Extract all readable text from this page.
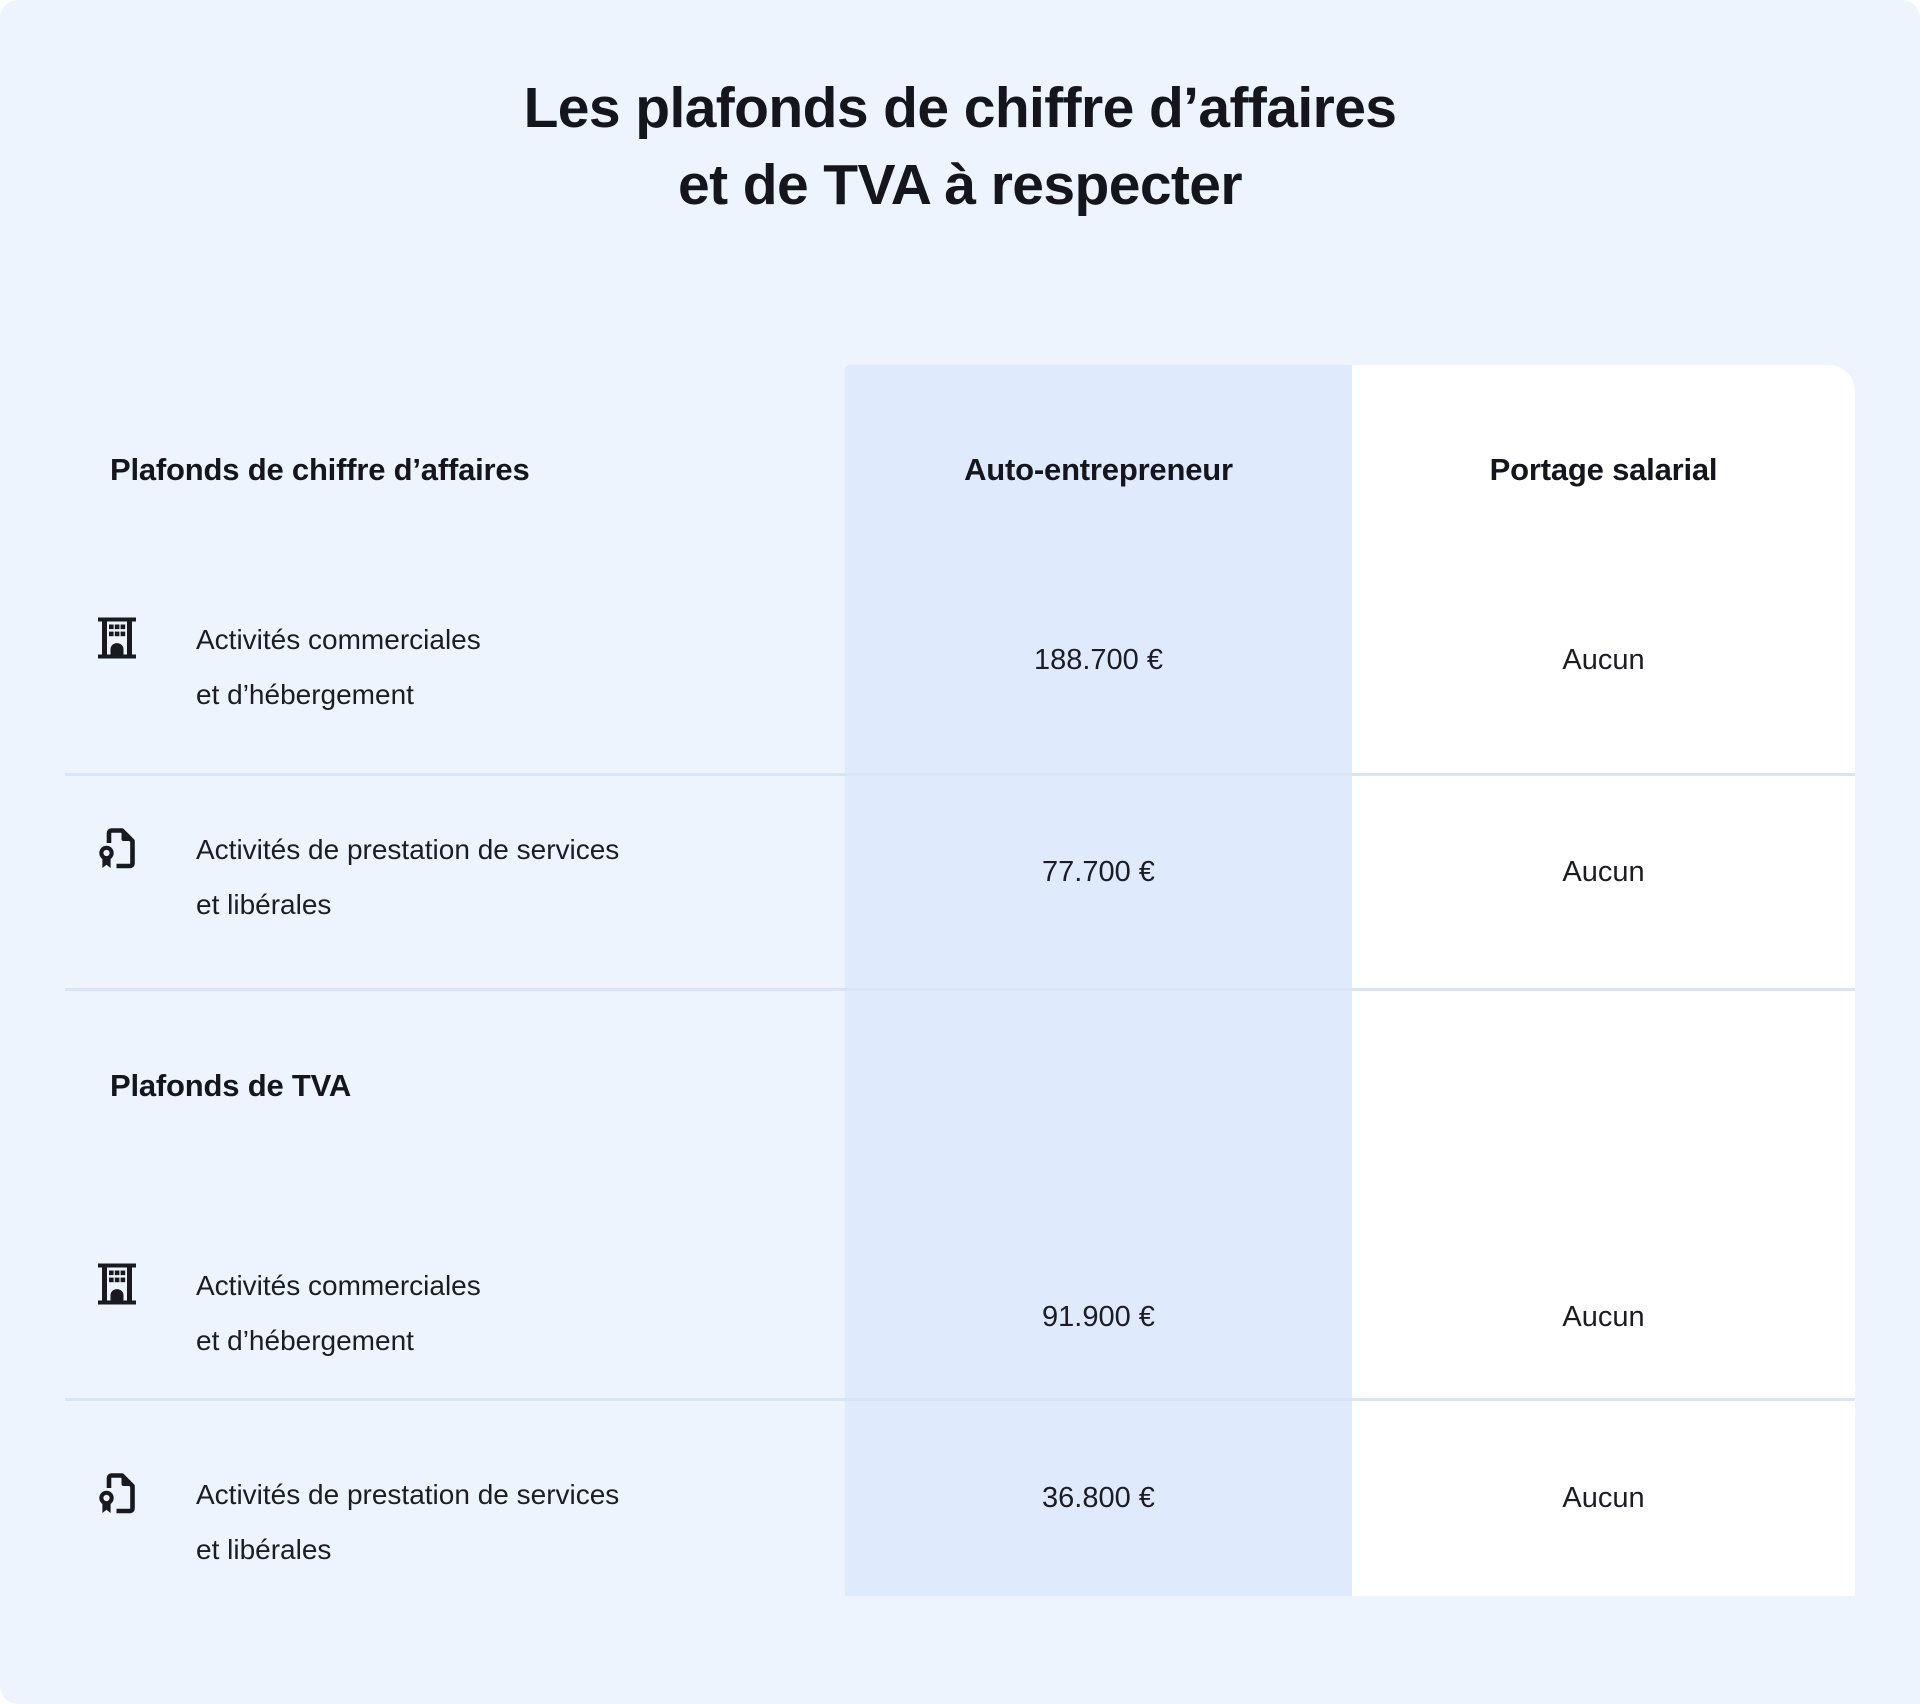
Les plafonds de chiffre d’affaires
et de TVA à respecter
Plafonds de chiffre d’affaires	Auto-entrepreneur	Portage salarial
Activités commerciales
et d’hébergement
188.700 €	Aucun
Activités de prestation de services
et libérales
77.700 €	Aucun
Plafonds de TVA
Activités commerciales
et d’hébergement
91.900 €	Aucun
Activités de prestation de services
et libérales
36.800 €	Aucun
